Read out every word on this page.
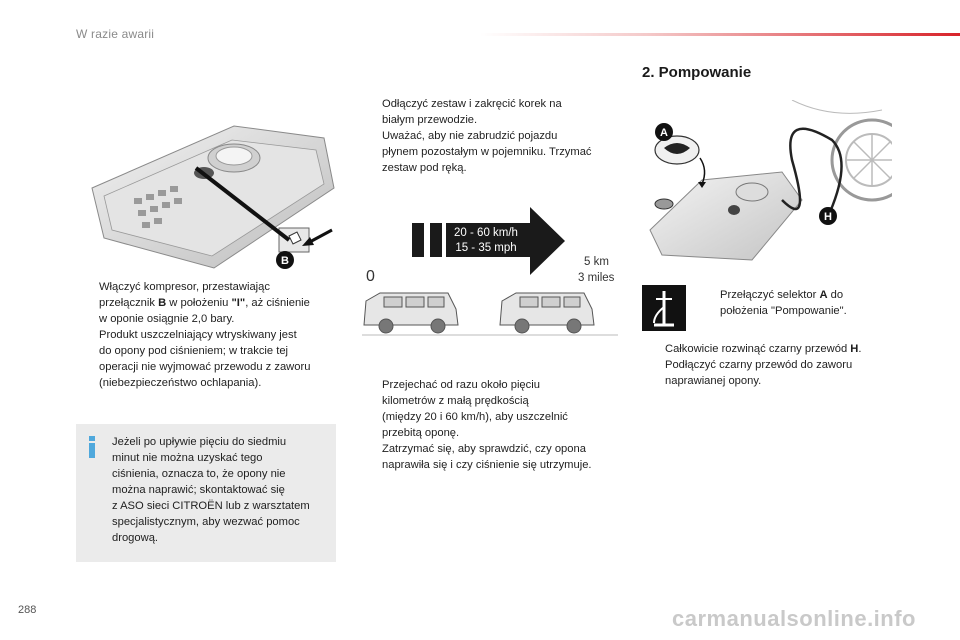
W razie awarii
B

Włączyć kompresor, przestawiając
przełącznik B w położeniu "I", aż ciśnienie
w oponie osiągnie 2,0 bary.
Produkt uszczelniający wtryskiwany jest
do opony pod ciśnieniem; w trakcie tej
operacji nie wyjmować przewodu z zaworu
(niebezpieczeństwo ochlapania).

Jeżeli po upływie pięciu do siedmiu
minut nie można uzyskać tego
ciśnienia, oznacza to, że opony nie
można naprawić; skontaktować się
z ASO sieci CITROËN lub z warsztatem
specjalistycznym, aby wezwać pomoc
drogową.

Odłączyć zestaw i zakręcić korek na
białym przewodzie.
Uważać, aby nie zabrudzić pojazdu
płynem pozostałym w pojemniku. Trzymać
zestaw pod ręką.

20 - 60 km/h
15 - 35 mph
0
5 km
3 miles

Przejechać od razu około pięciu
kilometrów z małą prędkością
(między 20 i 60 km/h), aby uszczelnić
przebitą oponę.

Zatrzymać się, aby sprawdzić, czy opona
naprawiła się i czy ciśnienie się utrzymuje.

2. Pompowanie
A
H

Przełączyć selektor A do
położenia "Pompowanie".

Całkowicie rozwinąć czarny przewód H.

Podłączyć czarny przewód do zaworu
naprawianej opony.

288	carmanualsonline.info
